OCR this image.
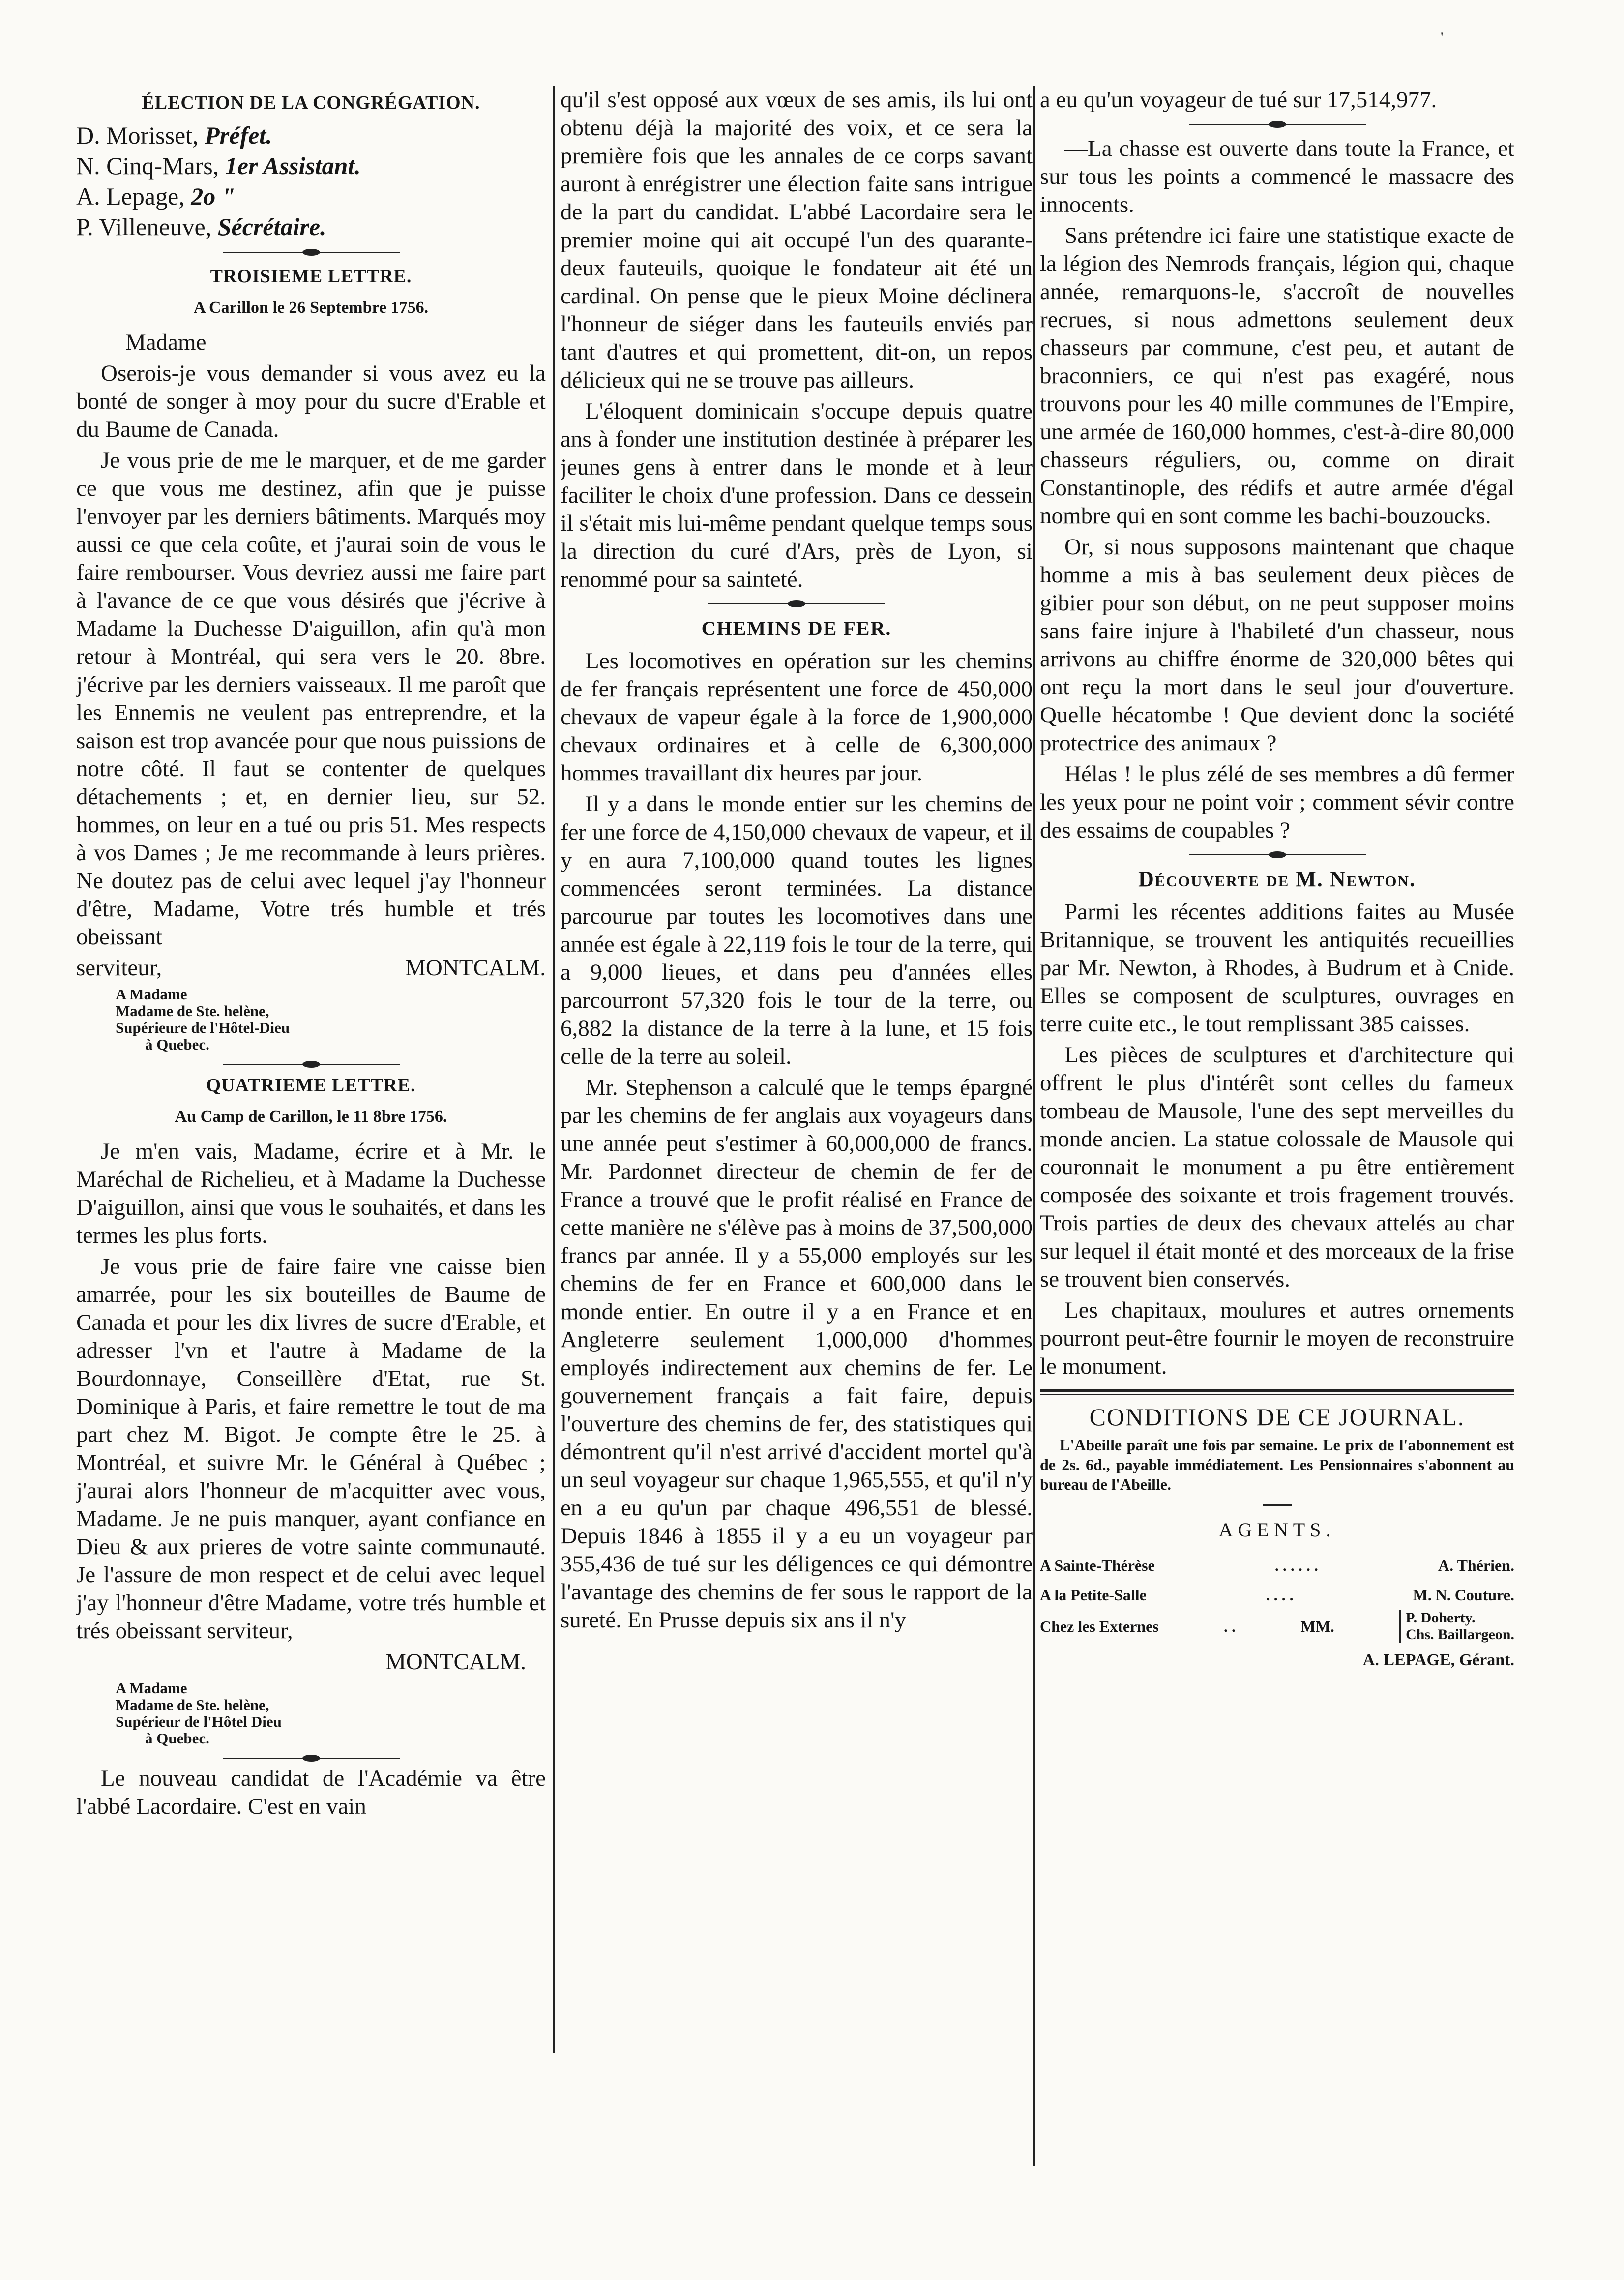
'
ÉLECTION DE LA CONGRÉGATION.
D. Morisset, Préfet.
N. Cinq-Mars, 1er Assistant.
A. Lepage, 2o "
P. Villeneuve, Sécrétaire.
TROISIEME LETTRE.
A Carillon le 26 Septembre 1756.

Madame

Oserois-je vous demander si vous avez eu la bonté de songer à moy pour du sucre d'Erable et du Baume de Canada.

Je vous prie de me le marquer, et de me garder ce que vous me destinez, afin que je puisse l'envoyer par les derniers bâtiments. Marqués moy aussi ce que cela coûte, et j'aurai soin de vous le faire rembourser. Vous devriez aussi me faire part à l'avance de ce que vous désirés que j'écrive à Madame la Duchesse D'aiguillon, afin qu'à mon retour à Montréal, qui sera vers le 20. 8bre. j'écrive par les derniers vaisseaux. Il me paroît que les Ennemis ne veulent pas entreprendre, et la saison est trop avancée pour que nous puissions de notre côté. Il faut se contenter de quelques détachements ; et, en dernier lieu, sur 52. hommes, on leur en a tué ou pris 51. Mes respects à vos Dames ; Je me recommande à leurs prières. Ne doutez pas de celui avec lequel j'ay l'honneur d'être, Madame, Votre trés humble et trés obeissant

serviteur,	MONTCALM.
A Madame
Madame de Ste. helène,
Supérieure de l'Hôtel-Dieu
à Quebec.
QUATRIEME LETTRE.
Au Camp de Carillon, le 11 8bre 1756.

Je m'en vais, Madame, écrire et à Mr. le Maréchal de Richelieu, et à Madame la Duchesse D'aiguillon, ainsi que vous le souhaités, et dans les termes les plus forts.

Je vous prie de faire faire vne caisse bien amarrée, pour les six bouteilles de Baume de Canada et pour les dix livres de sucre d'Erable, et adresser l'vn et l'autre à Madame de la Bourdonnaye, Conseillère d'Etat, rue St. Dominique à Paris, et faire remettre le tout de ma part chez M. Bigot. Je compte être le 25. à Montréal, et suivre Mr. le Général à Québec ; j'aurai alors l'honneur de m'acquitter avec vous, Madame. Je ne puis manquer, ayant confiance en Dieu & aux prieres de votre sainte communauté. Je l'assure de mon respect et de celui avec lequel j'ay l'honneur d'être Madame, votre trés humble et trés obeissant serviteur,

MONTCALM.
A Madame
Madame de Ste. helène,
Supérieur de l'Hôtel Dieu
à Quebec.

Le nouveau candidat de l'Académie va être l'abbé Lacordaire. C'est en vain

qu'il s'est opposé aux vœux de ses amis, ils lui ont obtenu déjà la majorité des voix, et ce sera la première fois que les annales de ce corps savant auront à enrégistrer une élection faite sans intrigue de la part du candidat. L'abbé Lacordaire sera le premier moine qui ait occupé l'un des quarante-deux fauteuils, quoique le fondateur ait été un cardinal. On pense que le pieux Moine déclinera l'honneur de siéger dans les fauteuils enviés par tant d'autres et qui promettent, dit-on, un repos délicieux qui ne se trouve pas ailleurs.

L'éloquent dominicain s'occupe depuis quatre ans à fonder une institution destinée à préparer les jeunes gens à entrer dans le monde et à leur faciliter le choix d'une profession. Dans ce dessein il s'était mis lui-même pendant quelque temps sous la direction du curé d'Ars, près de Lyon, si renommé pour sa sainteté.

CHEMINS DE FER.

Les locomotives en opération sur les chemins de fer français représentent une force de 450,000 chevaux de vapeur égale à la force de 1,900,000 chevaux ordinaires et à celle de 6,300,000 hommes travaillant dix heures par jour.

Il y a dans le monde entier sur les chemins de fer une force de 4,150,000 chevaux de vapeur, et il y en aura 7,100,000 quand toutes les lignes commencées seront terminées. La distance parcourue par toutes les locomotives dans une année est égale à 22,119 fois le tour de la terre, qui a 9,000 lieues, et dans peu d'années elles parcourront 57,320 fois le tour de la terre, ou 6,882 la distance de la terre à la lune, et 15 fois celle de la terre au soleil.

Mr. Stephenson a calculé que le temps épargné par les chemins de fer anglais aux voyageurs dans une année peut s'estimer à 60,000,000 de francs. Mr. Pardonnet directeur de chemin de fer de France a trouvé que le profit réalisé en France de cette manière ne s'élève pas à moins de 37,500,000 francs par année. Il y a 55,000 employés sur les chemins de fer en France et 600,000 dans le monde entier. En outre il y a en France et en Angleterre seulement 1,000,000 d'hommes employés indirectement aux chemins de fer. Le gouvernement français a fait faire, depuis l'ouverture des chemins de fer, des statistiques qui démontrent qu'il n'est arrivé d'accident mortel qu'à un seul voyageur sur chaque 1,965,555, et qu'il n'y en a eu qu'un par chaque 496,551 de blessé. Depuis 1846 à 1855 il y a eu un voyageur par 355,436 de tué sur les déligences ce qui démontre l'avantage des chemins de fer sous le rapport de la sureté. En Prusse depuis six ans il n'y

a eu qu'un voyageur de tué sur 17,514,977.

—La chasse est ouverte dans toute la France, et sur tous les points a commencé le massacre des innocents.

Sans prétendre ici faire une statistique exacte de la légion des Nemrods français, légion qui, chaque année, remarquons-le, s'accroît de nouvelles recrues, si nous admettons seulement deux chasseurs par commune, c'est peu, et autant de braconniers, ce qui n'est pas exagéré, nous trouvons pour les 40 mille communes de l'Empire, une armée de 160,000 hommes, c'est-à-dire 80,000 chasseurs réguliers, ou, comme on dirait Constantinople, des rédifs et autre armée d'égal nombre qui en sont comme les bachi-bouzoucks.

Or, si nous supposons maintenant que chaque homme a mis à bas seulement deux pièces de gibier pour son début, on ne peut supposer moins sans faire injure à l'habileté d'un chasseur, nous arrivons au chiffre énorme de 320,000 bêtes qui ont reçu la mort dans le seul jour d'ouverture. Quelle hécatombe ! Que devient donc la société protectrice des animaux ?

Hélas ! le plus zélé de ses membres a dû fermer les yeux pour ne point voir ; comment sévir contre des essaims de coupables ?

Découverte de M. Newton.

Parmi les récentes additions faites au Musée Britannique, se trouvent les antiquités recueillies par Mr. Newton, à Rhodes, à Budrum et à Cnide. Elles se composent de sculptures, ouvrages en terre cuite etc., le tout remplissant 385 caisses.

Les pièces de sculptures et d'architecture qui offrent le plus d'intérêt sont celles du fameux tombeau de Mausole, l'une des sept merveilles du monde ancien. La statue colossale de Mausole qui couronnait le monument a pu être entièrement composée des soixante et trois fragement trouvés. Trois parties de deux des chevaux attelés au char sur lequel il était monté et des morceaux de la frise se trouvent bien conservés.

Les chapitaux, moulures et autres ornements pourront peut-être fournir le moyen de reconstruire le monument.

CONDITIONS DE CE JOURNAL.
L'Abeille paraît une fois par semaine. Le prix de l'abonnement est de 2s. 6d., payable immédiatement. Les Pensionnaires s'abonnent au bureau de l'Abeille.
AGENTS.
A Sainte-Thérèse	. . . . . .	A. Thérien.
A la Petite-Salle	. . . .	M. N. Couture.
Chez les Externes	. .	MM.	P. Doherty.
Chs. Baillargeon.
A. LEPAGE, Gérant.
